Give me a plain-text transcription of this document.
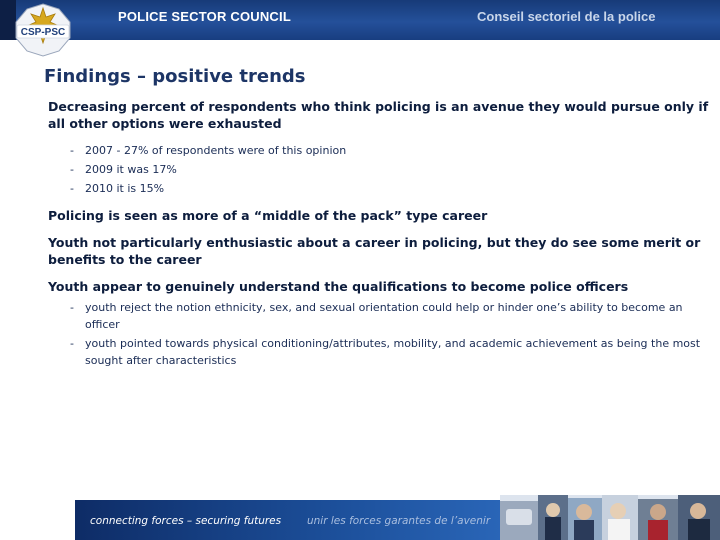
POLICE SECTOR COUNCIL	Conseil sectoriel de la police
CSP-PSC
Findings – positive trends
Decreasing percent of respondents who think policing is an avenue they would pursue only if all other options were exhausted
- 2007 - 27% of respondents were of this opinion
- 2009 it was 17%
- 2010 it is 15%
Policing is seen as more of a “middle of the pack” type career
Youth not particularly enthusiastic about a career in policing, but they do see some merit or benefits to the career
Youth appear to genuinely understand the qualifications to become police officers
- youth reject the notion ethnicity, sex, and sexual orientation could help or hinder one’s ability to become an officer
- youth pointed towards physical conditioning/attributes, mobility, and academic achievement as being the most sought after characteristics
connecting forces – securing futures unir les forces garantes de l’avenir
